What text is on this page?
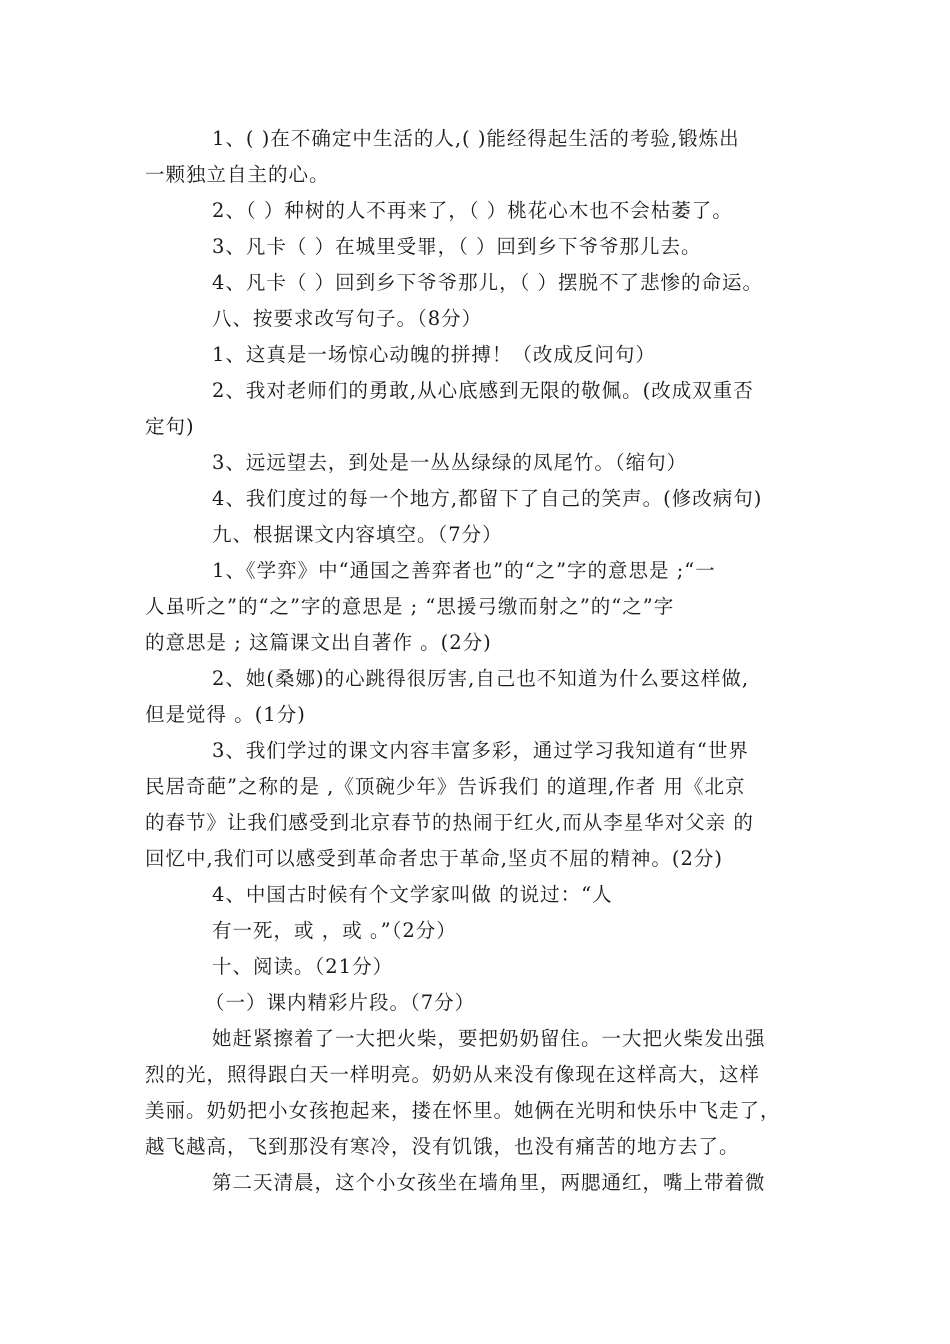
1、( )在不确定中生活的人,( )能经得起生活的考验,锻炼出
一颗独立自主的心。
2、（ ）种树的人不再来了，（ ）桃花心木也不会枯萎了。
3、凡卡（ ）在城里受罪，（ ）回到乡下爷爷那儿去。
4、凡卡（ ）回到乡下爷爷那儿，（ ）摆脱不了悲惨的命运。
八、按要求改写句子。（8分）
1、这真是一场惊心动魄的拼搏！（改成反问句）
2、我对老师们的勇敢,从心底感到无限的敬佩。(改成双重否
定句)
3、远远望去，到处是一丛丛绿绿的凤尾竹。（缩句）
4、我们度过的每一个地方,都留下了自己的笑声。(修改病句)
九、根据课文内容填空。（7分）
1、《学弈》中“通国之善弈者也”的“之”字的意思是 ;“一
人虽听之”的“之”字的意思是 ; “思援弓缴而射之”的“之”字
的意思是 ; 这篇课文出自著作 。(2分)
2、她(桑娜)的心跳得很厉害,自己也不知道为什么要这样做,
但是觉得 。(1分)
3、我们学过的课文内容丰富多彩，通过学习我知道有“世界
民居奇葩”之称的是 ,《顶碗少年》告诉我们 的道理,作者 用《北京
的春节》让我们感受到北京春节的热闹于红火,而从李星华对父亲 的
回忆中,我们可以感受到革命者忠于革命,坚贞不屈的精神。(2分)
4、中国古时候有个文学家叫做 的说过：“人
有一死，或 ，或 。”（2分）
十、阅读。（21分）
（一）课内精彩片段。（7分）
她赶紧擦着了一大把火柴，要把奶奶留住。一大把火柴发出强
烈的光，照得跟白天一样明亮。奶奶从来没有像现在这样高大，这样
美丽。奶奶把小女孩抱起来，搂在怀里。她俩在光明和快乐中飞走了，
越飞越高，飞到那没有寒冷，没有饥饿，也没有痛苦的地方去了。
第二天清晨，这个小女孩坐在墙角里，两腮通红，嘴上带着微
